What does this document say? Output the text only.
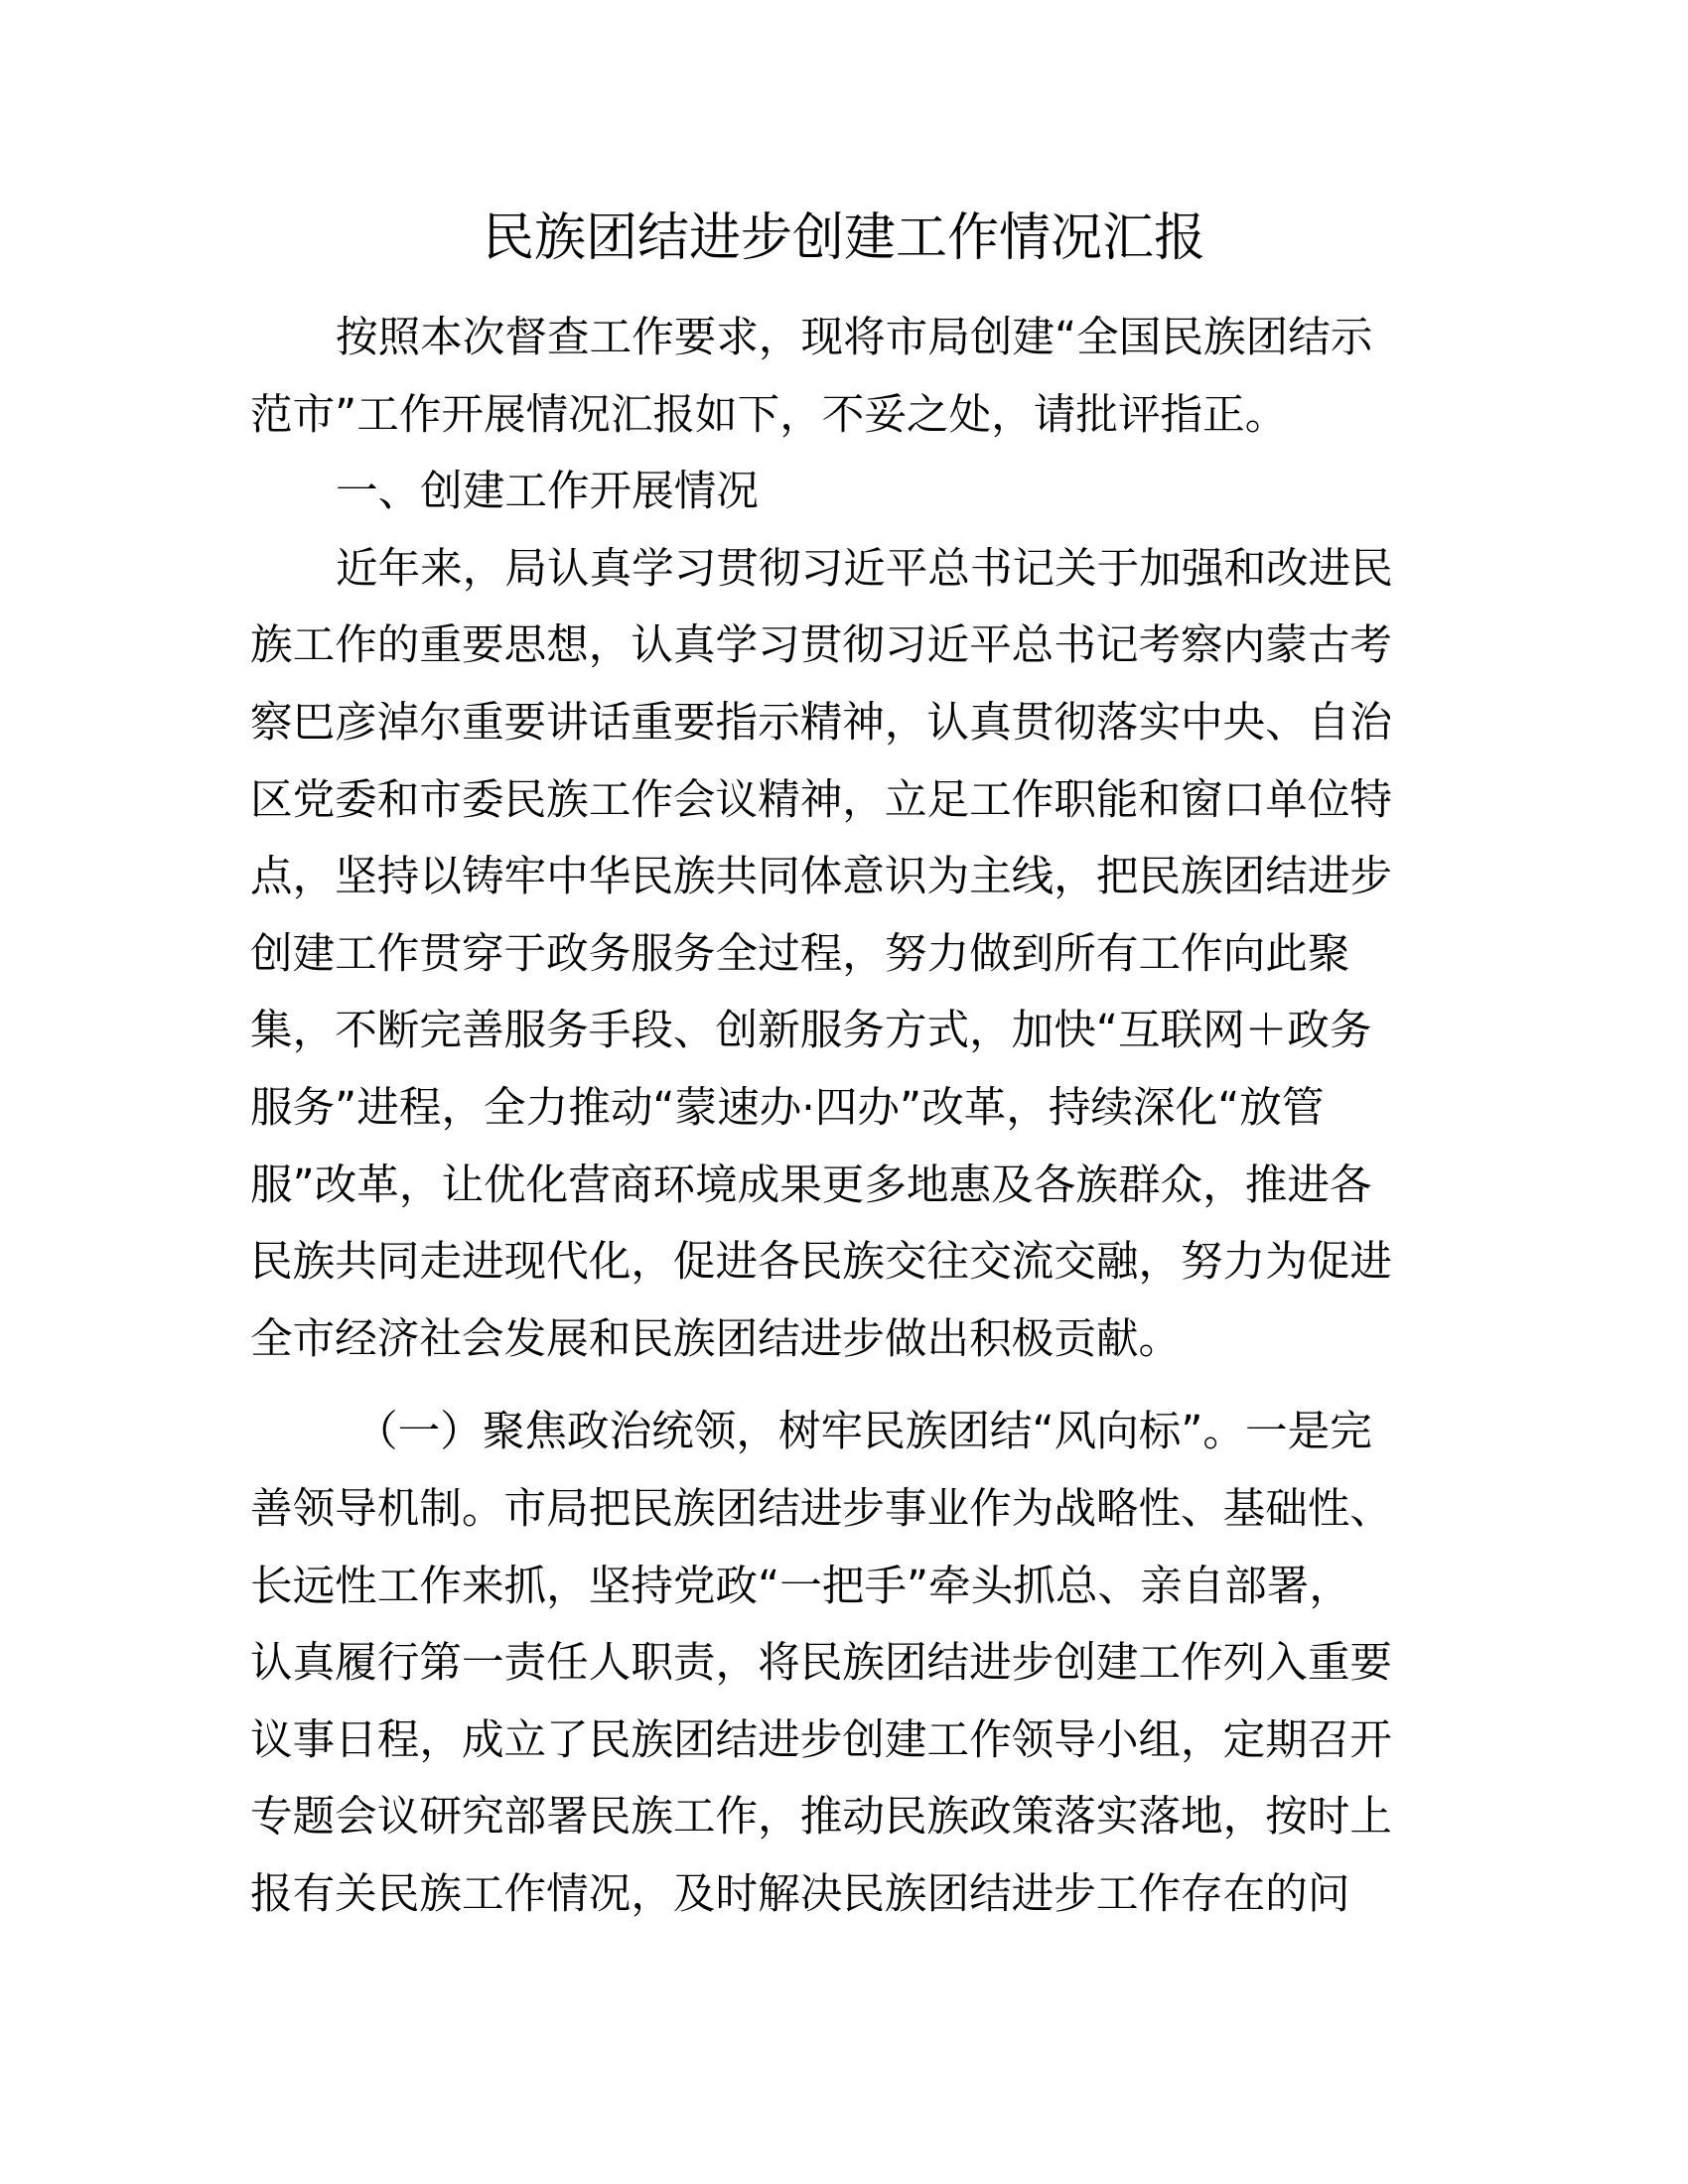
民族团结进步创建工作情况汇报
按照本次督查工作要求，现将市局创建“全国民族团结示
范市”工作开展情况汇报如下，不妥之处，请批评指正。
一、创建工作开展情况
近年来，局认真学习贯彻习近平总书记关于加强和改进民
族工作的重要思想，认真学习贯彻习近平总书记考察内蒙古考
察巴彦淖尔重要讲话重要指示精神，认真贯彻落实中央、自治
区党委和市委民族工作会议精神，立足工作职能和窗口单位特
点，坚持以铸牢中华民族共同体意识为主线，把民族团结进步
创建工作贯穿于政务服务全过程，努力做到所有工作向此聚
集，不断完善服务手段、创新服务方式，加快“互联网＋政务
服务”进程，全力推动“蒙速办·四办”改革，持续深化“放管
服”改革，让优化营商环境成果更多地惠及各族群众，推进各
民族共同走进现代化，促进各民族交往交流交融，努力为促进
全市经济社会发展和民族团结进步做出积极贡献。
（一）聚焦政治统领，树牢民族团结“风向标”。一是完
善领导机制。市局把民族团结进步事业作为战略性、基础性、
长远性工作来抓，坚持党政“一把手”牵头抓总、亲自部署，
认真履行第一责任人职责，将民族团结进步创建工作列入重要
议事日程，成立了民族团结进步创建工作领导小组，定期召开
专题会议研究部署民族工作，推动民族政策落实落地，按时上
报有关民族工作情况，及时解决民族团结进步工作存在的问
